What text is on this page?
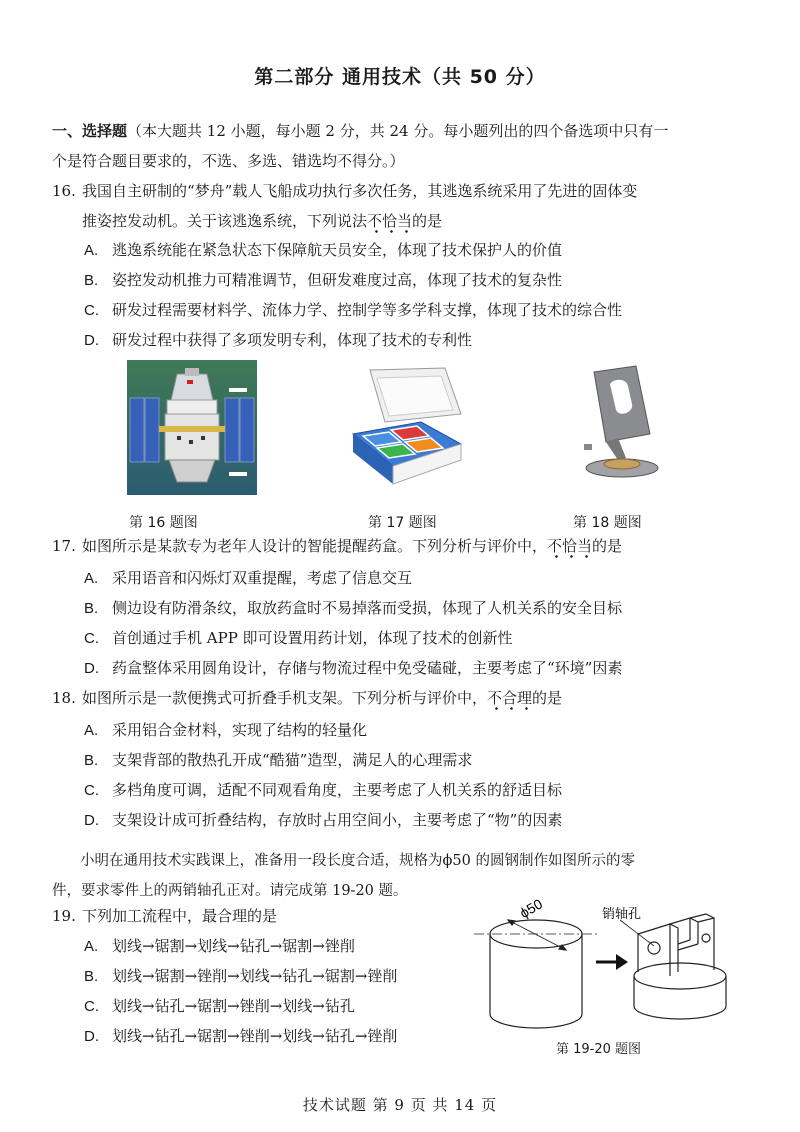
第二部分 通用技术（共 50 分）
一、选择题（本大题共 12 小题，每小题 2 分，共 24 分。每小题列出的四个备选项中只有一
个是符合题目要求的，不选、多选、错选均不得分。）
16. 我国自主研制的“梦舟”载人飞船成功执行多次任务，其逃逸系统采用了先进的固体变
推姿控发动机。关于该逃逸系统，下列说法不恰当的是
A. 逃逸系统能在紧急状态下保障航天员安全，体现了技术保护人的价值
B. 姿控发动机推力可精准调节，但研发难度过高，体现了技术的复杂性
C. 研发过程需要材料学、流体力学、控制学等多学科支撑，体现了技术的综合性
D. 研发过程中获得了多项发明专利，体现了技术的专利性
第 16 题图	第 17 题图	第 18 题图
17. 如图所示是某款专为老年人设计的智能提醒药盒。下列分析与评价中，不恰当的是
A. 采用语音和闪烁灯双重提醒，考虑了信息交互
B. 侧边设有防滑条纹，取放药盒时不易掉落而受损，体现了人机关系的安全目标
C. 首创通过手机 APP 即可设置用药计划，体现了技术的创新性
D. 药盒整体采用圆角设计，存储与物流过程中免受磕碰，主要考虑了“环境”因素
18. 如图所示是一款便携式可折叠手机支架。下列分析与评价中，不合理的是
A. 采用铝合金材料，实现了结构的轻量化
B. 支架背部的散热孔开成“酷猫”造型，满足人的心理需求
C. 多档角度可调，适配不同观看角度，主要考虑了人机关系的舒适目标
D. 支架设计成可折叠结构，存放时占用空间小，主要考虑了“物”的因素
小明在通用技术实践课上，准备用一段长度合适，规格为ϕ50 的圆钢制作如图所示的零
件，要求零件上的两销轴孔正对。请完成第 19-20 题。
19. 下列加工流程中，最合理的是
A. 划线→锯割→划线→钻孔→锯割→锉削
B. 划线→锯割→锉削→划线→钻孔→锯割→锉削
C. 划线→钻孔→锯割→锉削→划线→钻孔
D. 划线→钻孔→锯割→锉削→划线→钻孔→锉削
ϕ50	销轴孔
第 19-20 题图
技术试题 第 9 页 共 14 页
